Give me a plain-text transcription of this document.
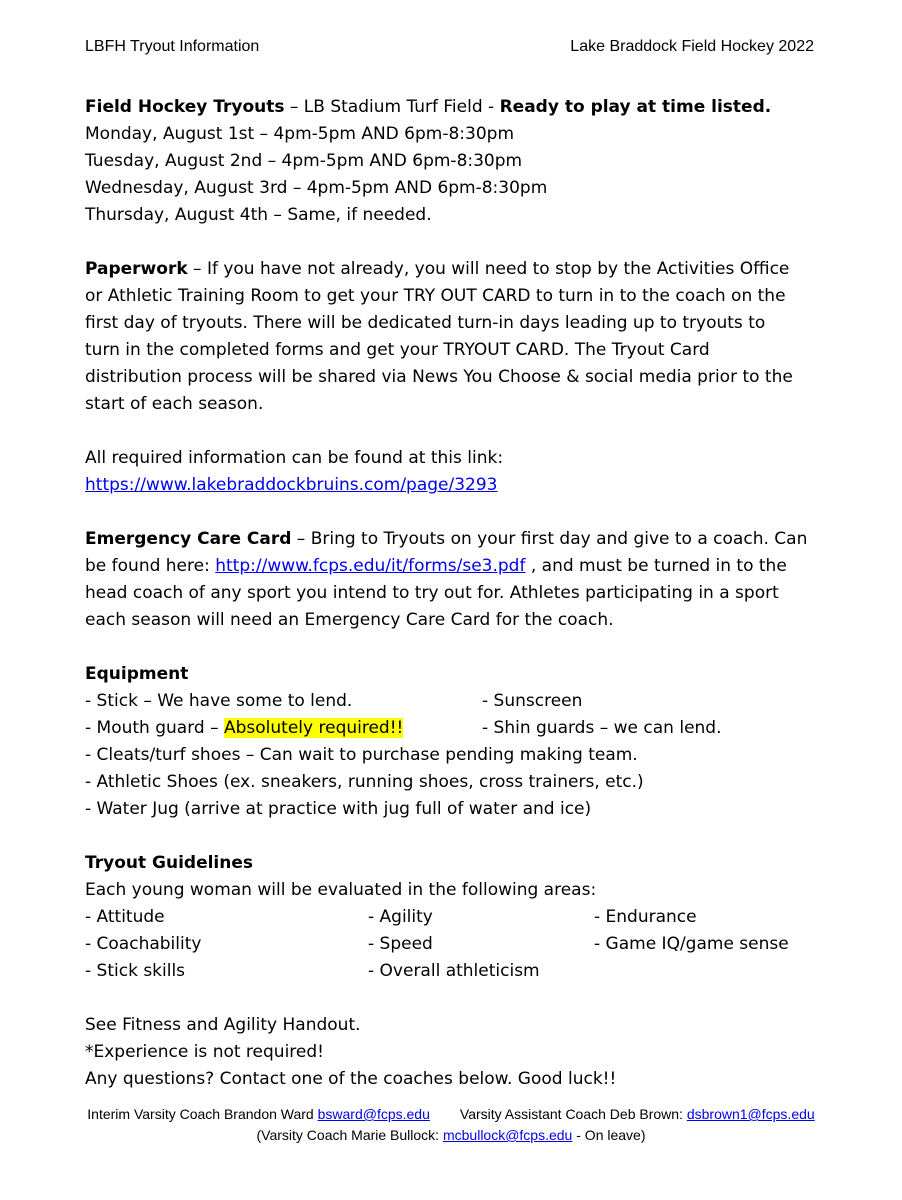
LBFH Tryout Information	Lake Braddock Field Hockey 2022
Field Hockey Tryouts – LB Stadium Turf Field - Ready to play at time listed.
Monday, August 1st – 4pm-5pm AND 6pm-8:30pm
Tuesday, August 2nd – 4pm-5pm AND 6pm-8:30pm
Wednesday, August 3rd – 4pm-5pm AND 6pm-8:30pm
Thursday, August 4th – Same, if needed.
Paperwork – If you have not already, you will need to stop by the Activities Office
or Athletic Training Room to get your TRY OUT CARD to turn in to the coach on the
first day of tryouts. There will be dedicated turn-in days leading up to tryouts to
turn in the completed forms and get your TRYOUT CARD. The Tryout Card
distribution process will be shared via News You Choose & social media prior to the
start of each season.
All required information can be found at this link:
https://www.lakebraddockbruins.com/page/3293
Emergency Care Card – Bring to Tryouts on your first day and give to a coach. Can
be found here: http://www.fcps.edu/it/forms/se3.pdf , and must be turned in to the
head coach of any sport you intend to try out for. Athletes participating in a sport
each season will need an Emergency Care Card for the coach.
Equipment
- Stick – We have some to lend.	- Sunscreen
- Mouth guard – Absolutely required!!	- Shin guards – we can lend.
- Cleats/turf shoes – Can wait to purchase pending making team.
- Athletic Shoes (ex. sneakers, running shoes, cross trainers, etc.)
- Water Jug (arrive at practice with jug full of water and ice)
Tryout Guidelines
Each young woman will be evaluated in the following areas:
- Attitude	- Agility	- Endurance
- Coachability	- Speed	- Game IQ/game sense
- Stick skills	- Overall athleticism
See Fitness and Agility Handout.
*Experience is not required!
Any questions? Contact one of the coaches below. Good luck!!
Interim Varsity Coach Brandon Ward bsward@fcps.edu Varsity Assistant Coach Deb Brown: dsbrown1@fcps.edu
(Varsity Coach Marie Bullock: mcbullock@fcps.edu - On leave)
